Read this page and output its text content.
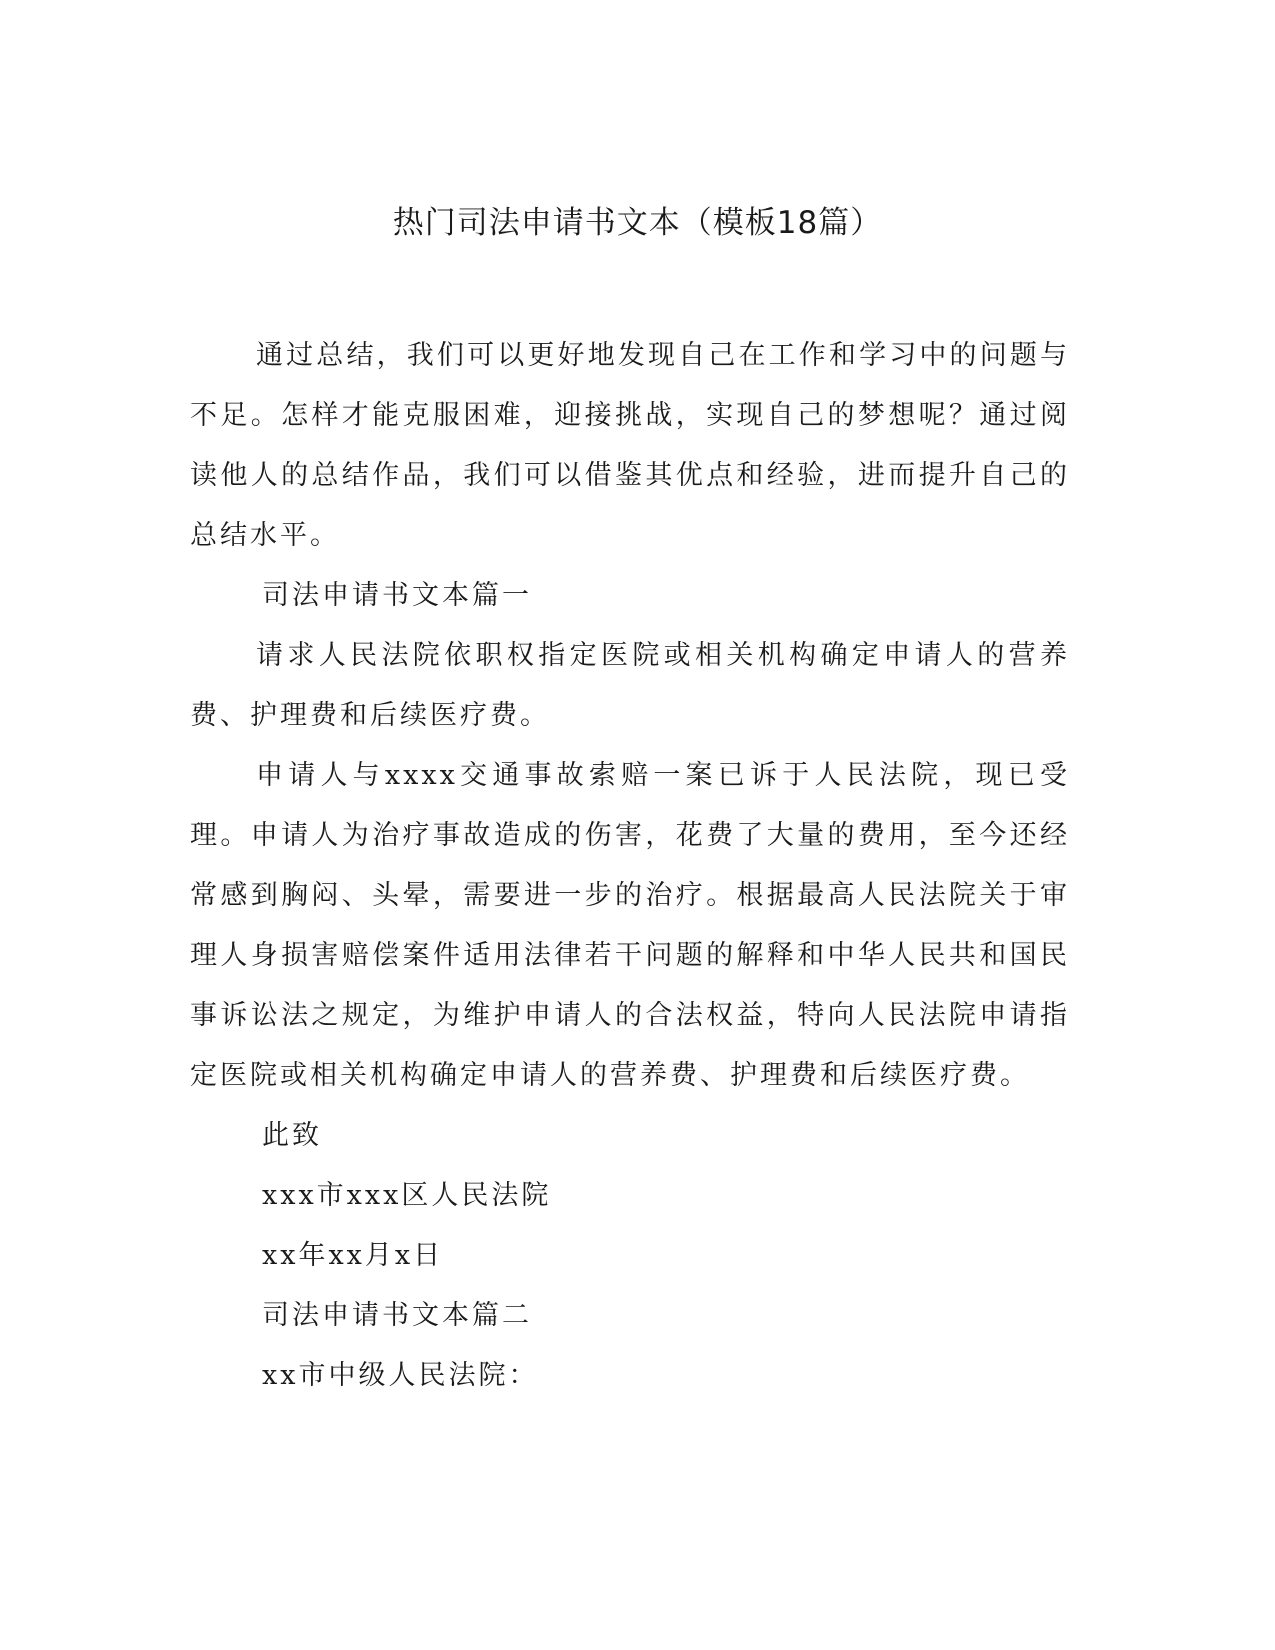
热门司法申请书文本（模板18篇）

通过总结，我们可以更好地发现自己在工作和学习中的问题与不足。怎样才能克服困难，迎接挑战，实现自己的梦想呢？通过阅读他人的总结作品，我们可以借鉴其优点和经验，进而提升自己的总结水平。

司法申请书文本篇一

请求人民法院依职权指定医院或相关机构确定申请人的营养费、护理费和后续医疗费。

申请人与xxxx交通事故索赔一案已诉于人民法院，现已受理。申请人为治疗事故造成的伤害，花费了大量的费用，至今还经常感到胸闷、头晕，需要进一步的治疗。根据最高人民法院关于审理人身损害赔偿案件适用法律若干问题的解释和中华人民共和国民事诉讼法之规定，为维护申请人的合法权益，特向人民法院申请指定医院或相关机构确定申请人的营养费、护理费和后续医疗费。

此致

xxx市xxx区人民法院

xx年xx月x日

司法申请书文本篇二

xx市中级人民法院：
